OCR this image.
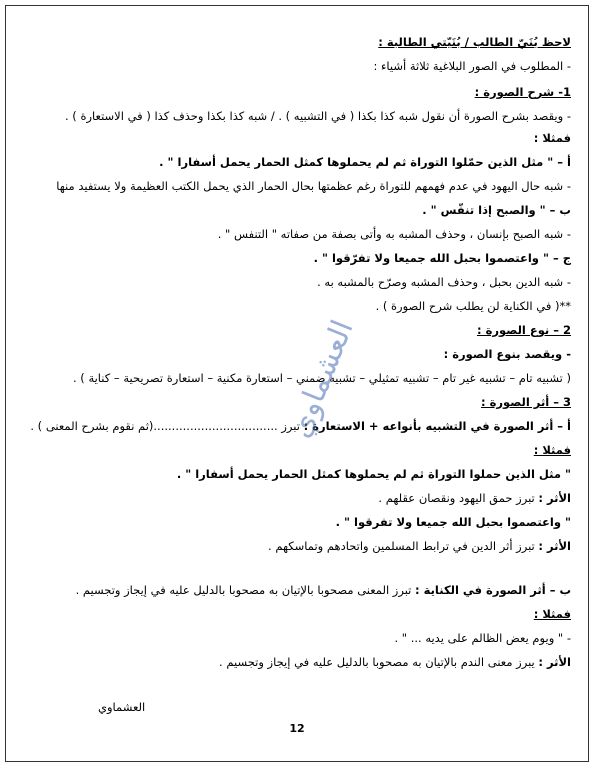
لاحظ بُنَيّ الطالب / بُنَيّتي الطالبة :
- المطلوب في الصور البلاغية ثلاثة أشياء :
1- شرح الصورة :
- ويقصد بشرح الصورة أن نقول شبه كذا بكذا ( في التشبيه ) . / شبه كذا بكذا وحذف كذا ( في الاستعارة ) .
فمثلا :
أ – " مثل الذين حمّلوا التوراة ثم لم يحملوها كمثل الحمار يحمل أسفارا " .
- شبه حال اليهود في عدم فهمهم للتوراة رغم عظمتها بحال الحمار الذي يحمل الكتب العظيمة ولا يستفيد منها
ب – " والصبح إذا تنفّس " .
- شبه الصبح بإنسان ، وحذف المشبه به وأتى بصفة من صفاته " التنفس " .
ج – " واعتصموا بحبل الله جميعا ولا تفرّقوا " .
- شبه الدين بحبل ، وحذف المشبه وصرّح بالمشبه به .
**( في الكناية لن يطلب شرح الصورة ) .
2 – نوع الصورة :
- ويقصد بنوع الصورة :
( تشبيه تام – تشبيه غير تام – تشبيه تمثيلي – تشبيه ضمني – استعارة مكنية – استعارة تصريحية – كناية ) .
3 – أثر الصورة :
أ – أثر الصورة في التشبيه بأنواعه + الاستعارة : تبرز ..................................(ثم نقوم بشرح المعنى ) .
فمثلا :
" مثل الذين حملوا التوراة ثم لم يحملوها كمثل الحمار يحمل أسفارا " .
الأثر : تبرز حمق اليهود ونقصان عقلهم .
" واعتصموا بحبل الله جميعا ولا تفرقوا " .
الأثر : تبرز أثر الدين في ترابط المسلمين واتحادهم وتماسكهم .
ب – أثر الصورة في الكناية : تبرز المعنى مصحوبا بالإتيان به مصحوبا بالدليل عليه في إيجاز وتجسيم .
فمثلا :
- " ويوم يعض الظالم على يديه ... " .
الأثر : يبرز معنى الندم بالإتيان به مصحوبا بالدليل عليه في إيجاز وتجسيم .
العشماوي
العشماوي
12
